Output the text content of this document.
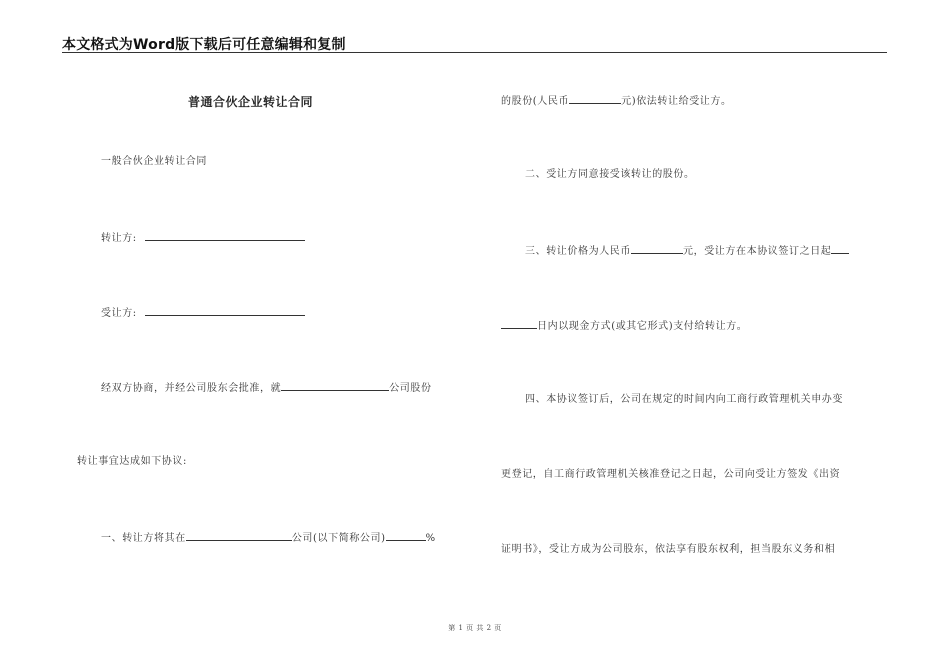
本文格式为Word版下载后可任意编辑和复制
普通合伙企业转让合同
一般合伙企业转让合同
转让方:
受让方:
经双方协商，并经公司股东会批准，就	公司股份
转让事宜达成如下协议:
一、转让方将其在	公司(以下简称公司)	%
的股份(人民币	元)依法转让给受让方。
二、受让方同意接受该转让的股份。
三、转让价格为人民币	元，受让方在本协议签订之日起
日内以现金方式(或其它形式)支付给转让方。
四、本协议签订后，公司在规定的时间内向工商行政管理机关申办变
更登记，自工商行政管理机关核准登记之日起，公司向受让方签发《出资
证明书》，受让方成为公司股东，依法享有股东权利，担当股东义务和相
第 1 页 共 2 页
